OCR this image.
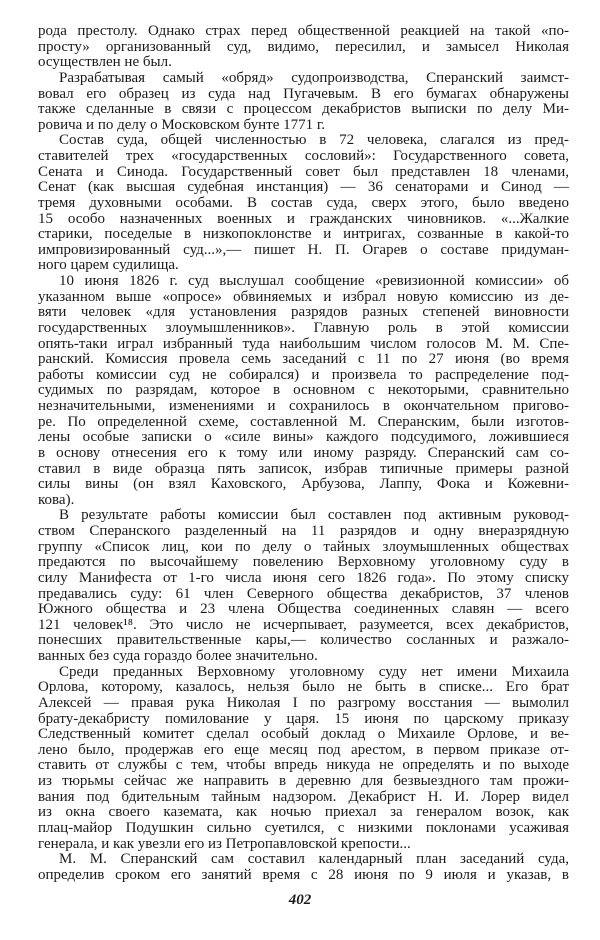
рода престолу. Однако страх перед общественной реакцией на такой «по-
просту» организованный суд, видимо, пересилил, и замысел Николая
осуществлен не был.
Разрабатывая самый «обряд» судопроизводства, Сперанский заимст-
вовал его образец из суда над Пугачевым. В его бумагах обнаружены
также сделанные в связи с процессом декабристов выписки по делу Ми-
ровича и по делу о Московском бунте 1771 г.
Состав суда, общей численностью в 72 человека, слагался из пред-
ставителей трех «государственных сословий»: Государственного совета,
Сената и Синода. Государственный совет был представлен 18 членами,
Сенат (как высшая судебная инстанция) — 36 сенаторами и Синод —
тремя духовными особами. В состав суда, сверх этого, было введено
15 особо назначенных военных и гражданских чиновников. «...Жалкие
старики, поседелые в низкопоклонстве и интригах, созванные в какой-то
импровизированный суд...»,— пишет Н. П. Огарев о составе придуман-
ного царем судилища.
10 июня 1826 г. суд выслушал сообщение «ревизионной комиссии» об
указанном выше «опросе» обвиняемых и избрал новую комиссию из де-
вяти человек «для установления разрядов разных степеней виновности
государственных злоумышленников». Главную роль в этой комиссии
опять-таки играл избранный туда наибольшим числом голосов М. М. Спе-
ранский. Комиссия провела семь заседаний с 11 по 27 июня (во время
работы комиссии суд не собирался) и произвела то распределение под-
судимых по разрядам, которое в основном с некоторыми, сравнительно
незначительными, изменениями и сохранилось в окончательном пригово-
ре. По определенной схеме, составленной М. Сперанским, были изготов-
лены особые записки о «силе вины» каждого подсудимого, ложившиеся
в основу отнесения его к тому или иному разряду. Сперанский сам со-
ставил в виде образца пять записок, избрав типичные примеры разной
силы вины (он взял Каховского, Арбузова, Лаппу, Фока и Кожевни-
кова).
В результате работы комиссии был составлен под активным руковод-
ством Сперанского разделенный на 11 разрядов и одну внеразрядную
группу «Список лиц, кои по делу о тайных злоумышленных обществах
предаются по высочайшему повелению Верховному уголовному суду в
силу Манифеста от 1-го числа июня сего 1826 года». По этому списку
предавались суду: 61 член Северного общества декабристов, 37 членов
Южного общества и 23 члена Общества соединенных славян — всего
121 человек¹⁸. Это число не исчерпывает, разумеется, всех декабристов,
понесших правительственные кары,— количество сосланных и разжало-
ванных без суда гораздо более значительно.
Среди преданных Верховному уголовному суду нет имени Михаила
Орлова, которому, казалось, нельзя было не быть в списке... Его брат
Алексей — правая рука Николая I по разгрому восстания — вымолил
брату-декабристу помилование у царя. 15 июня по царскому приказу
Следственный комитет сделал особый доклад о Михаиле Орлове, и ве-
лено было, продержав его еще месяц под арестом, в первом приказе от-
ставить от службы с тем, чтобы впредь никуда не определять и по выходе
из тюрьмы сейчас же направить в деревню для безвыездного там прожи-
вания под бдительным тайным надзором. Декабрист Н. И. Лорер видел
из окна своего каземата, как ночью приехал за генералом возок, как
плац-майор Подушкин сильно суетился, с низкими поклонами усаживая
генерала, и как увезли его из Петропавловской крепости...
М. М. Сперанский сам составил календарный план заседаний суда,
определив сроком его занятий время с 28 июня по 9 июля и указав, в
402
